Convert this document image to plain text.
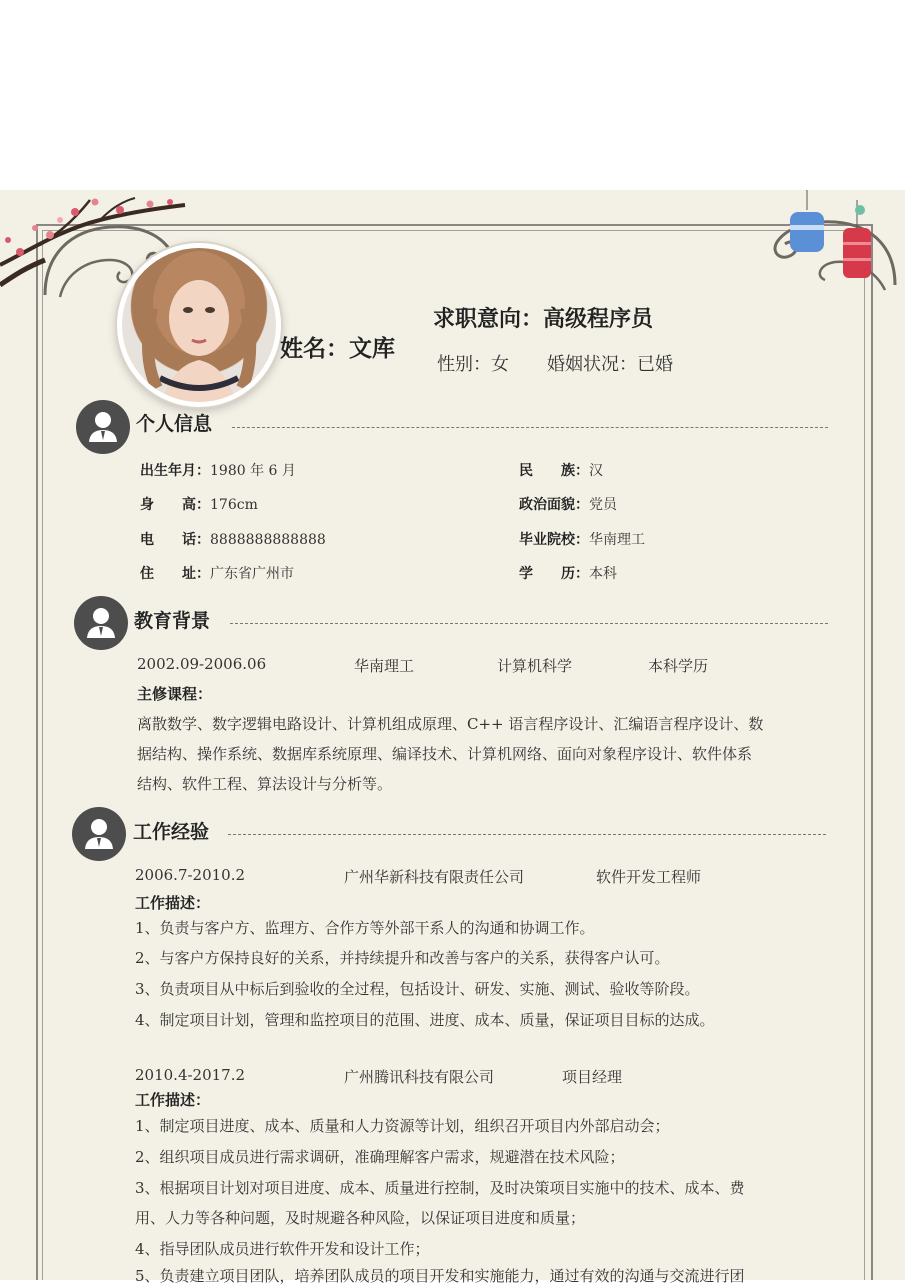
姓名：文库
求职意向：高级程序员
性别：女 婚姻状况：已婚
个人信息
出生年月：1980 年 6 月
身　　高：176cm
电　　话：8888888888888
住　　址：广东省广州市
民　　族：汉
政治面貌：党员
毕业院校：华南理工
学　　历：本科
教育背景
2002.09-2006.06	华南理工	计算机科学	本科学历
主修课程：
离散数学、数字逻辑电路设计、计算机组成原理、C++ 语言程序设计、汇编语言程序设计、数
据结构、操作系统、数据库系统原理、编译技术、计算机网络、面向对象程序设计、软件体系
结构、软件工程、算法设计与分析等。
工作经验
2006.7-2010.2	广州华新科技有限责任公司	软件开发工程师
工作描述：
1、负责与客户方、监理方、合作方等外部干系人的沟通和协调工作。
2、与客户方保持良好的关系，并持续提升和改善与客户的关系，获得客户认可。
3、负责项目从中标后到验收的全过程，包括设计、研发、实施、测试、验收等阶段。
4、制定项目计划，管理和监控项目的范围、进度、成本、质量，保证项目目标的达成。
2010.4-2017.2	广州腾讯科技有限公司	项目经理
工作描述：
1、制定项目进度、成本、质量和人力资源等计划，组织召开项目内外部启动会；
2、组织项目成员进行需求调研，准确理解客户需求，规避潜在技术风险；
3、根据项目计划对项目进度、成本、质量进行控制，及时决策项目实施中的技术、成本、费
用、人力等各种问题，及时规避各种风险，以保证项目进度和质量；
4、指导团队成员进行软件开发和设计工作；
5、负责建立项目团队，培养团队成员的项目开发和实施能力，通过有效的沟通与交流进行团
